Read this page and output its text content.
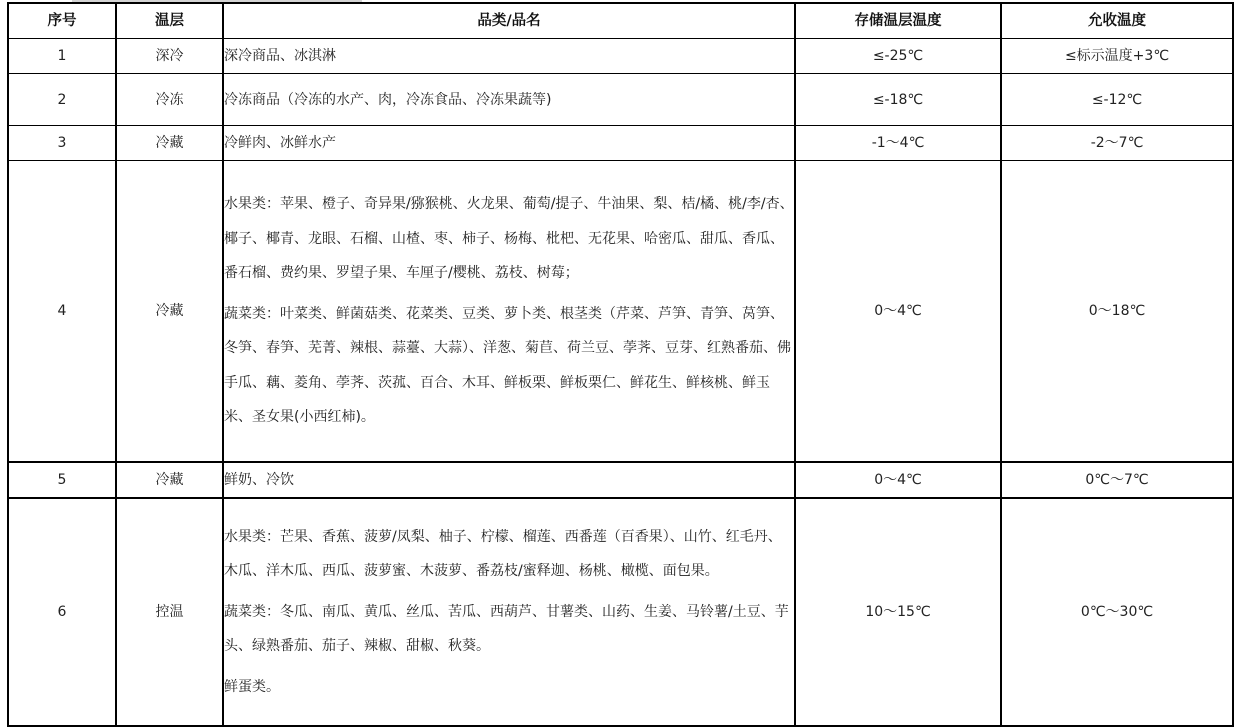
序号	温层	品类/品名	存储温层温度	允收温度
1	深冷	深冷商品、冰淇淋	≤-25℃	≤标示温度+3℃
2	冷冻	冷冻商品（冷冻的水产、肉，冷冻食品、冷冻果蔬等)	≤-18℃	≤-12℃
3	冷藏	冷鲜肉、冰鲜水产	-1～4℃	-2～7℃
4	冷藏	水果类：苹果、橙子、奇异果/猕猴桃、火龙果、葡萄/提子、牛油果、梨、桔/橘、桃/李/杏、椰子、椰青、龙眼、石榴、山楂、枣、柿子、杨梅、枇杷、无花果、哈密瓜、甜瓜、香瓜、番石榴、费约果、罗望子果、车厘子/樱桃、荔枝、树莓；

蔬菜类：叶菜类、鲜菌菇类、花菜类、豆类、萝卜类、根茎类（芹菜、芦笋、青笋、莴笋、冬笋、春笋、芜菁、辣根、蒜薹、大蒜）、洋葱、菊苣、荷兰豆、荸荠、豆芽、红熟番茄、佛手瓜、藕、菱角、荸荠、茨菰、百合、木耳、鲜板栗、鲜板栗仁、鲜花生、鲜核桃、鲜玉米、圣女果(小西红柿)。	0～4℃	0～18℃
5	冷藏	鲜奶、冷饮	0～4℃	0℃～7℃
6	控温	水果类：芒果、香蕉、菠萝/凤梨、柚子、柠檬、榴莲、西番莲（百香果）、山竹、红毛丹、木瓜、洋木瓜、西瓜、菠萝蜜、木菠萝、番荔枝/蜜释迦、杨桃、橄榄、面包果。

蔬菜类：冬瓜、南瓜、黄瓜、丝瓜、苦瓜、西葫芦、甘薯类、山药、生姜、马铃薯/土豆、芋头、绿熟番茄、茄子、辣椒、甜椒、秋葵。

鲜蛋类。	10～15℃	0℃～30℃
